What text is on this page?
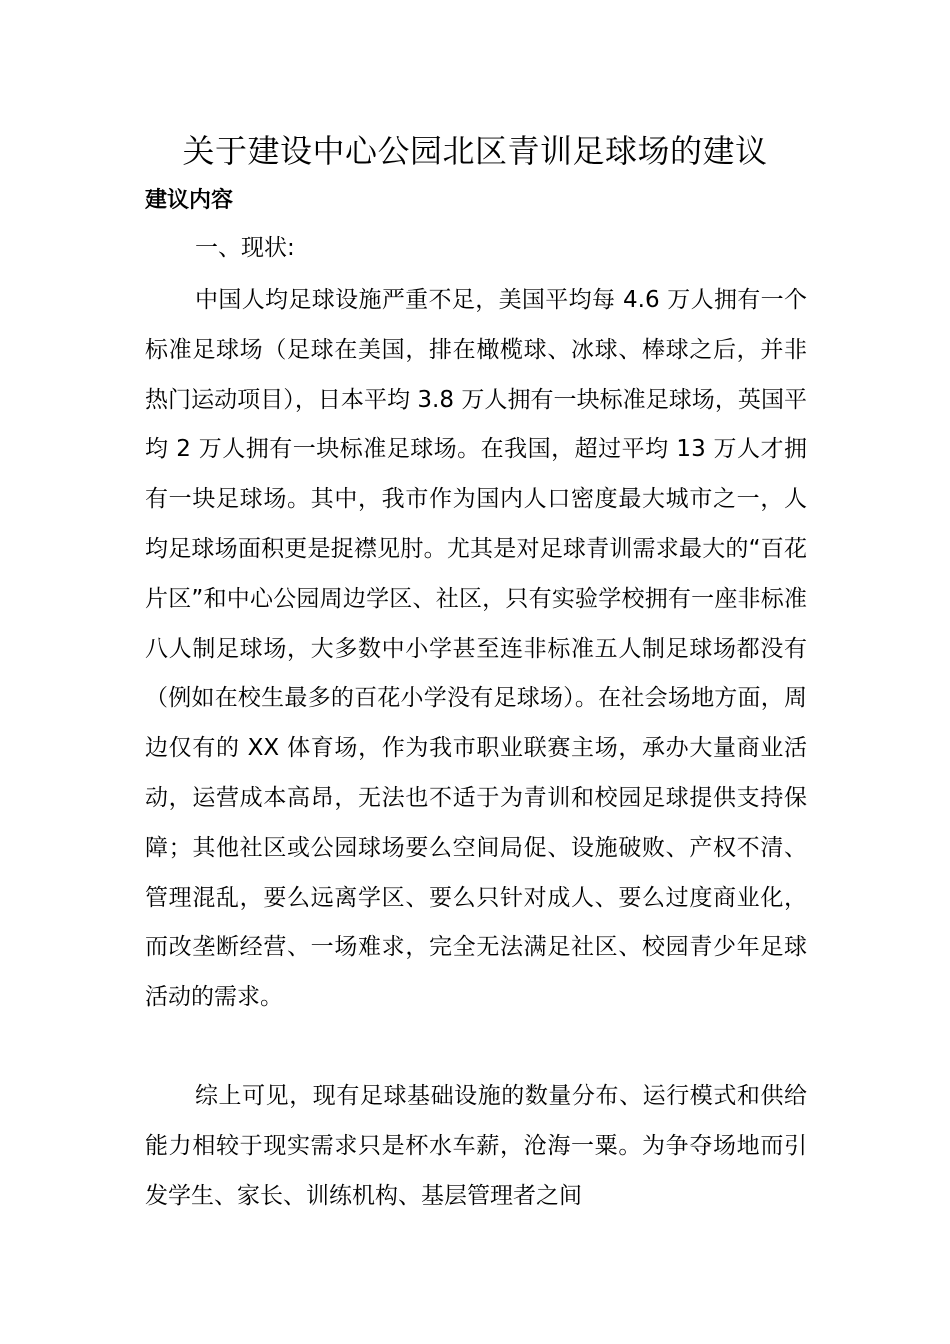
关于建设中心公园北区青训足球场的建议
建议内容

一、现状:

中国人均足球设施严重不足，美国平均每 4.6 万人拥有一个标准足球场（足球在美国，排在橄榄球、冰球、棒球之后，并非热门运动项目），日本平均 3.8 万人拥有一块标准足球场，英国平均 2 万人拥有一块标准足球场。在我国，超过平均 13 万人才拥有一块足球场。其中，我市作为国内人口密度最大城市之一，人均足球场面积更是捉襟见肘。尤其是对足球青训需求最大的“百花片区”和中心公园周边学区、社区，只有实验学校拥有一座非标准八人制足球场，大多数中小学甚至连非标准五人制足球场都没有（例如在校生最多的百花小学没有足球场）。在社会场地方面，周边仅有的 XX 体育场，作为我市职业联赛主场，承办大量商业活动，运营成本高昂，无法也不适于为青训和校园足球提供支持保障；其他社区或公园球场要么空间局促、设施破败、产权不清、管理混乱，要么远离学区、要么只针对成人、要么过度商业化，而改垄断经营、一场难求，完全无法满足社区、校园青少年足球活动的需求。

综上可见，现有足球基础设施的数量分布、运行模式和供给能力相较于现实需求只是杯水车薪，沧海一粟。为争夺场地而引发学生、家长、训练机构、基层管理者之间
